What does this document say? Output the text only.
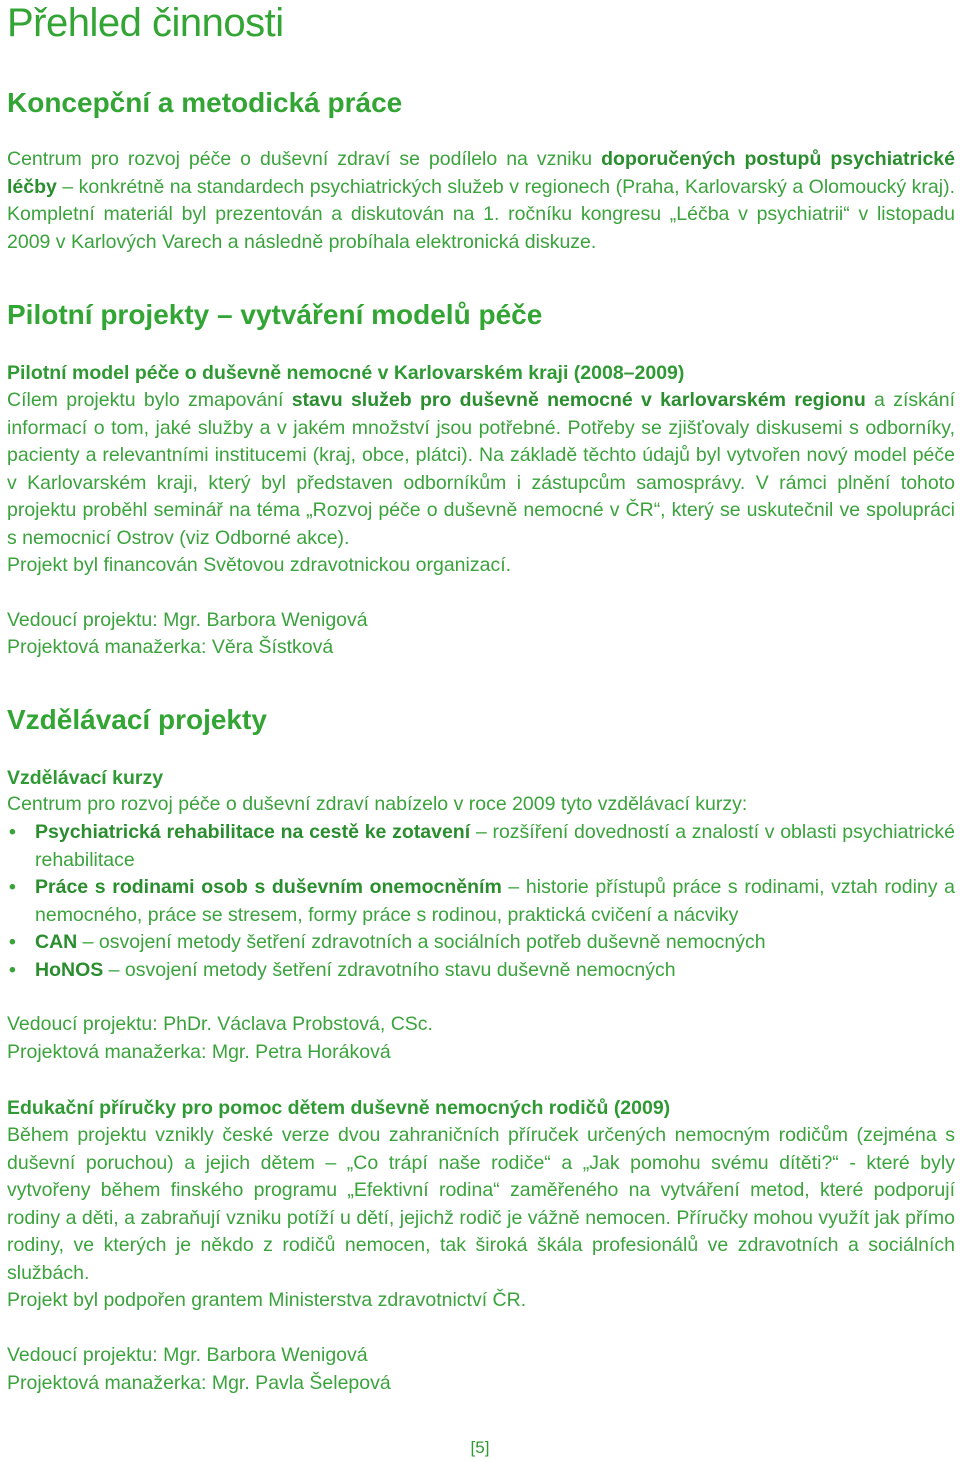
Přehled činnosti
Koncepční a metodická práce

Centrum pro rozvoj péče o duševní zdraví se podílelo na vzniku doporučených postupů psychiatrické léčby – konkrétně na standardech psychiatrických služeb v regionech (Praha, Karlovarský a Olomoucký kraj). Kompletní materiál byl prezentován a diskutován na 1. ročníku kongresu „Léčba v psychiatrii“ v listopadu 2009 v Karlových Varech a následně probíhala elektronická diskuze.

Pilotní projekty – vytváření modelů péče
Pilotní model péče o duševně nemocné v Karlovarském kraji (2008–2009)

Cílem projektu bylo zmapování stavu služeb pro duševně nemocné v karlovarském regionu a získání informací o tom, jaké služby a v jakém množství jsou potřebné. Potřeby se zjišťovaly diskusemi s odborníky, pacienty a relevantními institucemi (kraj, obce, plátci). Na základě těchto údajů byl vytvořen nový model péče v Karlovarském kraji, který byl představen odborníkům i zástupcům samosprávy. V rámci plnění tohoto projektu proběhl seminář na téma „Rozvoj péče o duševně nemocné v ČR“, který se uskutečnil ve spolupráci s nemocnicí Ostrov (viz Odborné akce).
Projekt byl financován Světovou zdravotnickou organizací.

Vedoucí projektu: Mgr. Barbora Wenigová

Projektová manažerka: Věra Šístková

Vzdělávací projekty
Vzdělávací kurzy

Centrum pro rozvoj péče o duševní zdraví nabízelo v roce 2009 tyto vzdělávací kurzy:

• Psychiatrická rehabilitace na cestě ke zotavení – rozšíření dovedností a znalostí v oblasti psychiatrické rehabilitace
• Práce s rodinami osob s duševním onemocněním – historie přístupů práce s rodinami, vztah rodiny a nemocného, práce se stresem, formy práce s rodinou, praktická cvičení a nácviky
• CAN – osvojení metody šetření zdravotních a sociálních potřeb duševně nemocných
• HoNOS – osvojení metody šetření zdravotního stavu duševně nemocných

Vedoucí projektu: PhDr. Václava Probstová, CSc.

Projektová manažerka: Mgr. Petra Horáková

Edukační příručky pro pomoc dětem duševně nemocných rodičů (2009)

Během projektu vznikly české verze dvou zahraničních příruček určených nemocným rodičům (zejména s duševní poruchou) a jejich dětem – „Co trápí naše rodiče“ a „Jak pomohu svému dítěti?“ - které byly vytvořeny během finského programu „Efektivní rodina“ zaměřeného na vytváření metod, které podporují rodiny a děti, a zabraňují vzniku potíží u dětí, jejichž rodič je vážně nemocen. Příručky mohou využít jak přímo rodiny, ve kterých je někdo z rodičů nemocen, tak široká škála profesionálů ve zdravotních a sociálních službách.
Projekt byl podpořen grantem Ministerstva zdravotnictví ČR.

Vedoucí projektu: Mgr. Barbora Wenigová

Projektová manažerka: Mgr. Pavla Šelepová

[5]
